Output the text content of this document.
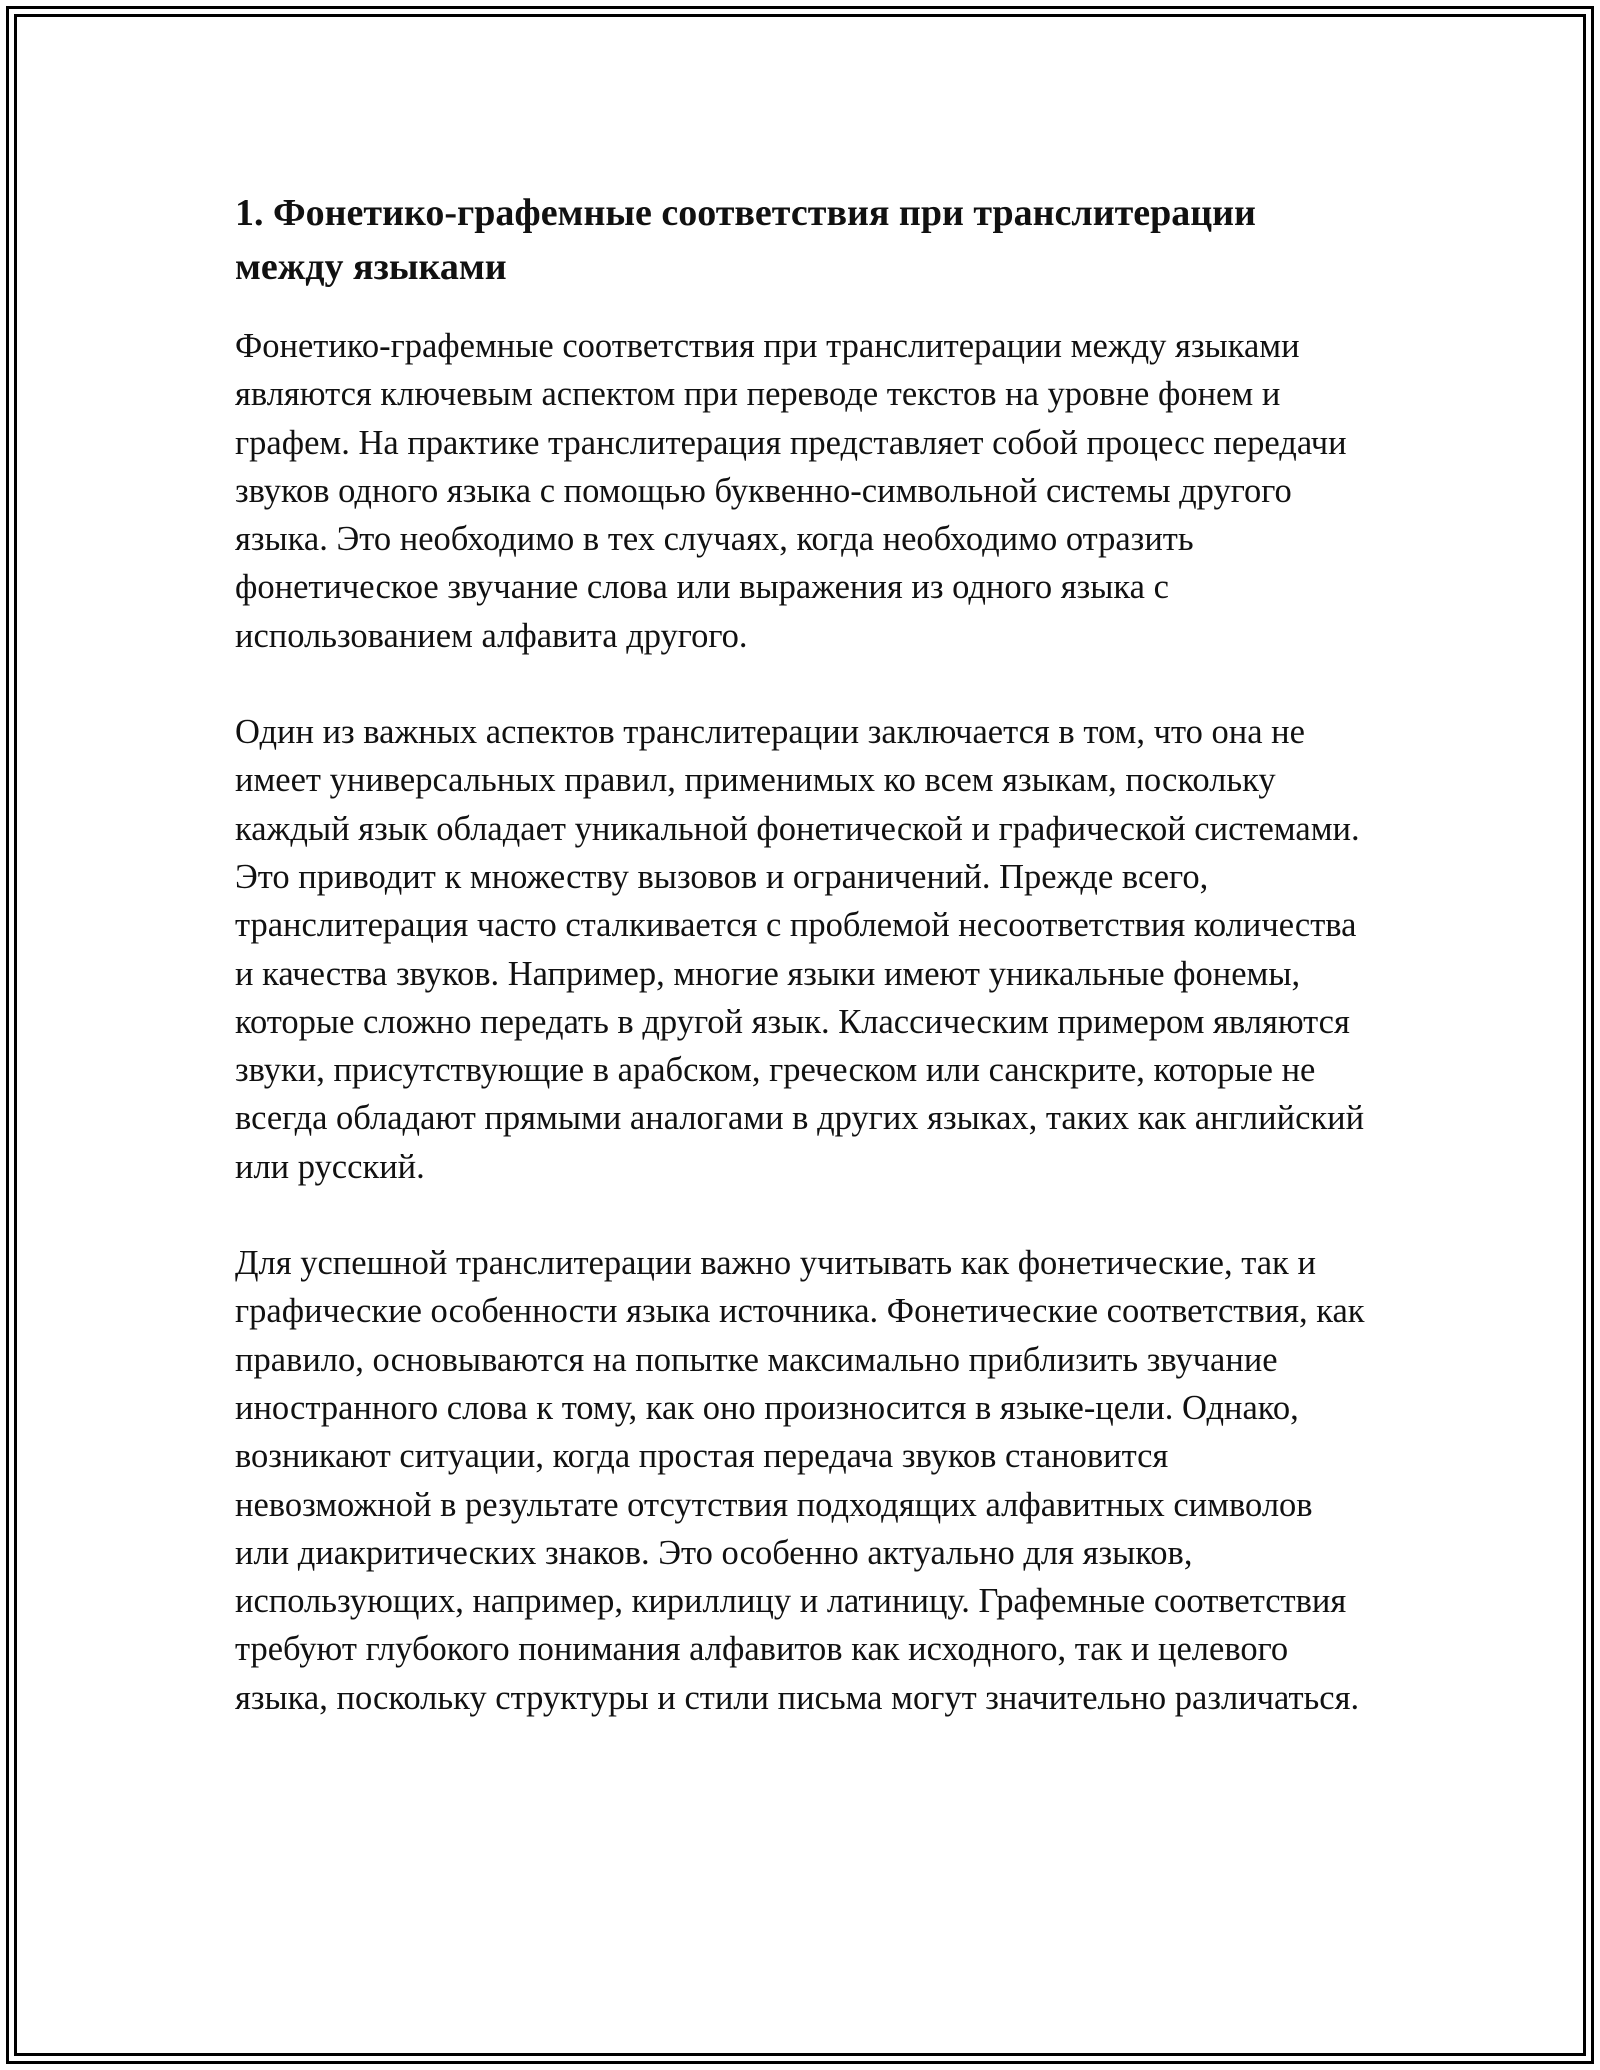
1. Фонетико-графемные соответствия при транслитерации между языками

Фонетико-графемные соответствия при транслитерации между языками являются ключевым аспектом при переводе текстов на уровне фонем и графем. На практике транслитерация представляет собой процесс передачи звуков одного языка с помощью буквенно-символьной системы другого языка. Это необходимо в тех случаях, когда необходимо отразить фонетическое звучание слова или выражения из одного языка с использованием алфавита другого.

Один из важных аспектов транслитерации заключается в том, что она не имеет универсальных правил, применимых ко всем языкам, поскольку каждый язык обладает уникальной фонетической и графической системами. Это приводит к множеству вызовов и ограничений. Прежде всего, транслитерация часто сталкивается с проблемой несоответствия количества и качества звуков. Например, многие языки имеют уникальные фонемы, которые сложно передать в другой язык. Классическим примером являются звуки, присутствующие в арабском, греческом или санскрите, которые не всегда обладают прямыми аналогами в других языках, таких как английский или русский.

Для успешной транслитерации важно учитывать как фонетические, так и графические особенности языка источника. Фонетические соответствия, как правило, основываются на попытке максимально приблизить звучание иностранного слова к тому, как оно произносится в языке-цели. Однако, возникают ситуации, когда простая передача звуков становится невозможной в результате отсутствия подходящих алфавитных символов или диакритических знаков. Это особенно актуально для языков, использующих, например, кириллицу и латиницу. Графемные соответствия требуют глубокого понимания алфавитов как исходного, так и целевого языка, поскольку структуры и стили письма могут значительно различаться.
